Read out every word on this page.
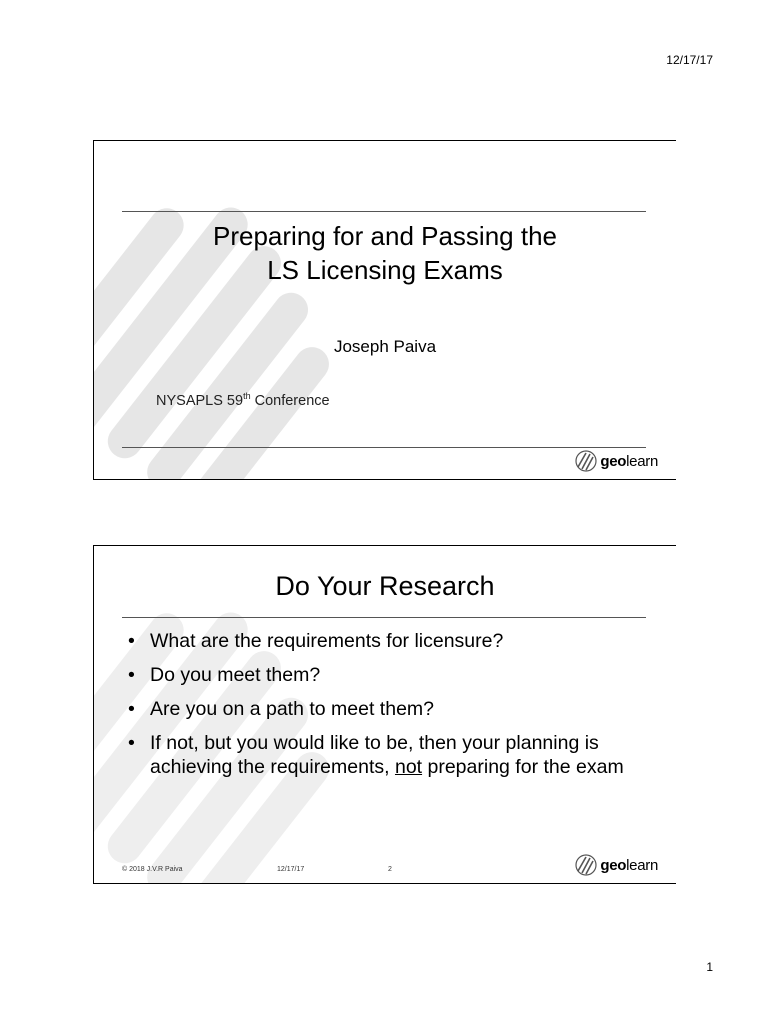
12/17/17
Preparing for and Passing the
LS Licensing Exams
Joseph Paiva
NYSAPLS 59th Conference
geolearn
Do Your Research
• What are the requirements for licensure?
• Do you meet them?
• Are you on a path to meet them?
• If not, but you would like to be, then your planning is achieving the requirements, not preparing for the exam
© 2018 J.V.R Paiva	12/17/17	2	geolearn
1
